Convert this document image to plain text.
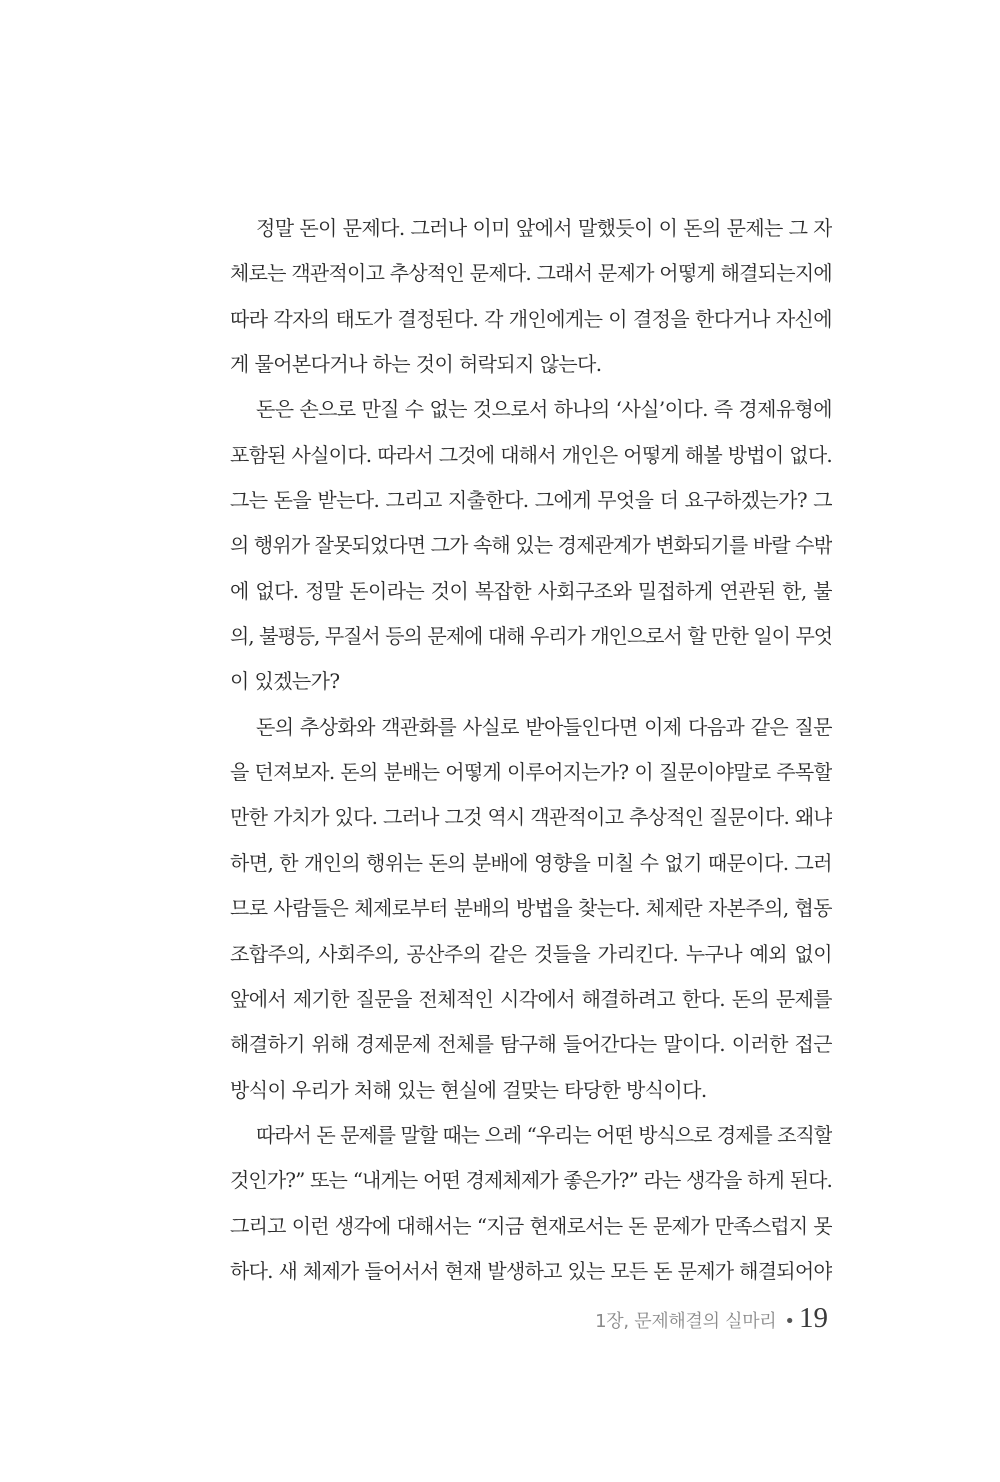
정말 돈이 문제다. 그러나 이미 앞에서 말했듯이 이 돈의 문제는 그 자
체로는 객관적이고 추상적인 문제다. 그래서 문제가 어떻게 해결되는지에
따라 각자의 태도가 결정된다. 각 개인에게는 이 결정을 한다거나 자신에
게 물어본다거나 하는 것이 허락되지 않는다.
돈은 손으로 만질 수 없는 것으로서 하나의 ‘사실’이다. 즉 경제유형에
포함된 사실이다. 따라서 그것에 대해서 개인은 어떻게 해볼 방법이 없다.
그는 돈을 받는다. 그리고 지출한다. 그에게 무엇을 더 요구하겠는가? 그
의 행위가 잘못되었다면 그가 속해 있는 경제관계가 변화되기를 바랄 수밖
에 없다. 정말 돈이라는 것이 복잡한 사회구조와 밀접하게 연관된 한, 불
의, 불평등, 무질서 등의 문제에 대해 우리가 개인으로서 할 만한 일이 무엇
이 있겠는가?
돈의 추상화와 객관화를 사실로 받아들인다면 이제 다음과 같은 질문
을 던져보자. 돈의 분배는 어떻게 이루어지는가? 이 질문이야말로 주목할
만한 가치가 있다. 그러나 그것 역시 객관적이고 추상적인 질문이다. 왜냐
하면, 한 개인의 행위는 돈의 분배에 영향을 미칠 수 없기 때문이다. 그러
므로 사람들은 체제로부터 분배의 방법을 찾는다. 체제란 자본주의, 협동
조합주의, 사회주의, 공산주의 같은 것들을 가리킨다. 누구나 예외 없이
앞에서 제기한 질문을 전체적인 시각에서 해결하려고 한다. 돈의 문제를
해결하기 위해 경제문제 전체를 탐구해 들어간다는 말이다. 이러한 접근
방식이 우리가 처해 있는 현실에 걸맞는 타당한 방식이다.
따라서 돈 문제를 말할 때는 으레 “우리는 어떤 방식으로 경제를 조직할
것인가?” 또는 “내게는 어떤 경제체제가 좋은가?” 라는 생각을 하게 된다.
그리고 이런 생각에 대해서는 “지금 현재로서는 돈 문제가 만족스럽지 못
하다. 새 체제가 들어서서 현재 발생하고 있는 모든 돈 문제가 해결되어야
1장, 문제해결의 실마리 • 19
